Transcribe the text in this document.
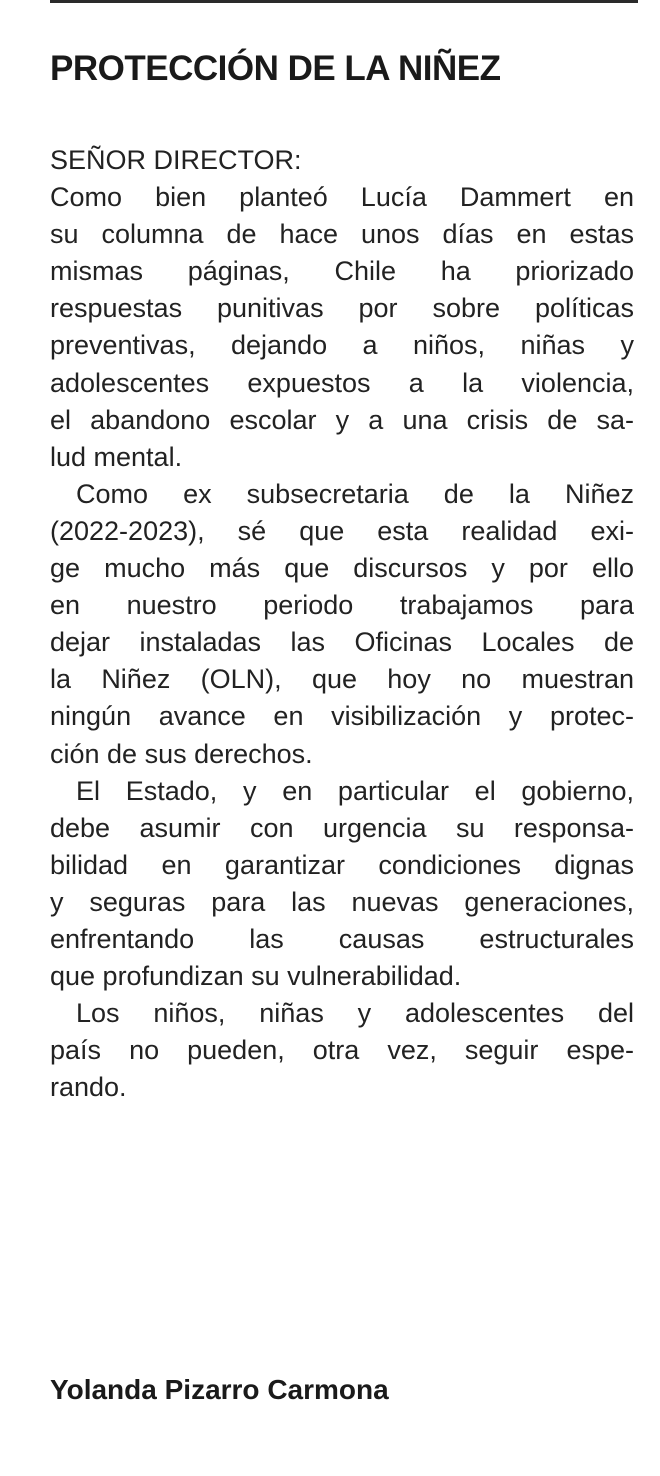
PROTECCIÓN DE LA NIÑEZ
SEÑOR DIRECTOR:
Como bien planteó Lucía Dammert en
su columna de hace unos días en estas
mismas páginas, Chile ha priorizado
respuestas punitivas por sobre políticas
preventivas, dejando a niños, niñas y
adolescentes expuestos a la violencia,
el abandono escolar y a una crisis de sa-
lud mental.
Como ex subsecretaria de la Niñez
(2022-2023), sé que esta realidad exi-
ge mucho más que discursos y por ello
en nuestro periodo trabajamos para
dejar instaladas las Oficinas Locales de
la Niñez (OLN), que hoy no muestran
ningún avance en visibilización y protec-
ción de sus derechos.
El Estado, y en particular el gobierno,
debe asumir con urgencia su responsa-
bilidad en garantizar condiciones dignas
y seguras para las nuevas generaciones,
enfrentando las causas estructurales
que profundizan su vulnerabilidad.
Los niños, niñas y adolescentes del
país no pueden, otra vez, seguir espe-
rando.
Yolanda Pizarro Carmona
